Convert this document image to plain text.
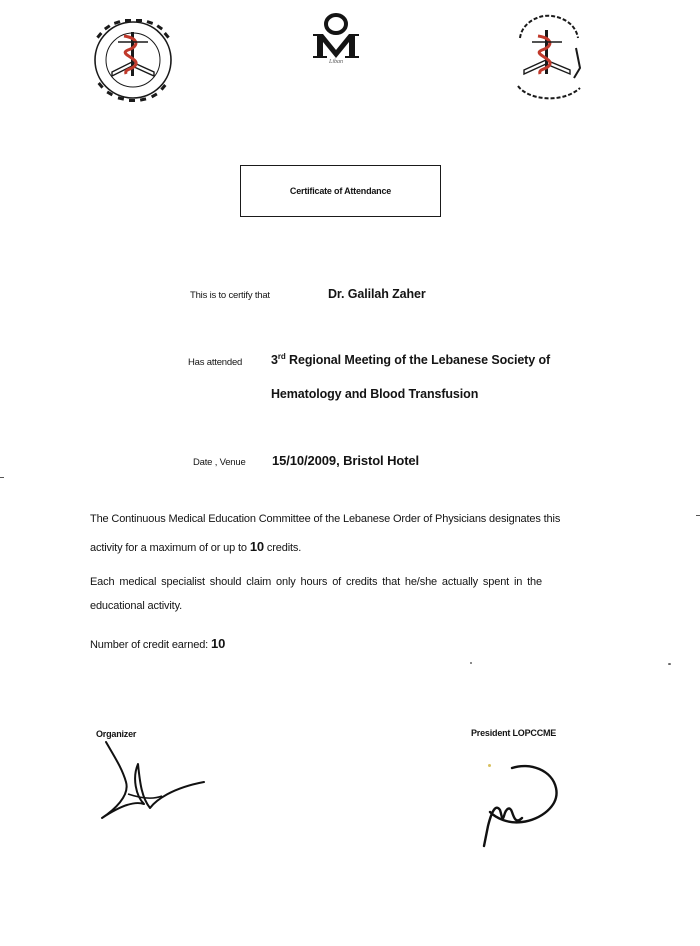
Liban
Certificate of Attendance
This is to certify that	Dr. Galilah Zaher
Has attended 3rd Regional Meeting of the Lebanese Society of
Hematology and Blood Transfusion
Date , Venue 15/10/2009, Bristol Hotel
The Continuous Medical Education Committee of the Lebanese Order of Physicians designates this
activity for a maximum of or up to 10 credits.
Each medical specialist should claim only hours of credits that he/she actually spent in the
educational activity.
Number of credit earned: 10
Organizer	President LOPCCME
